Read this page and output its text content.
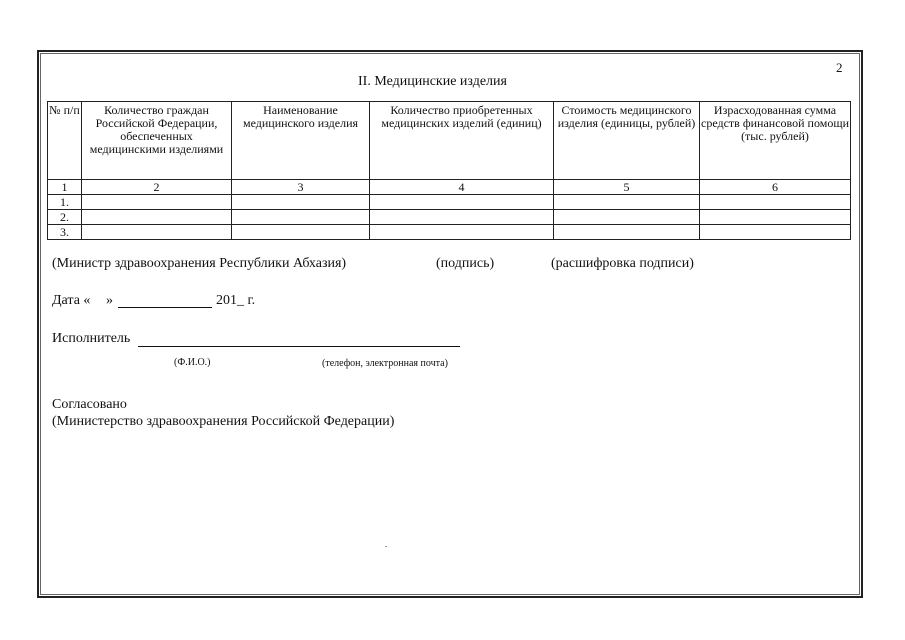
2
II. Медицинские изделия
№ п/п	Количество граждан Российской Федерации, обеспеченных медицинскими изделиями	Наименование медицинского изделия	Количество приобретенных медицинских изделий (единиц)	Стоимость медицинского изделия (единицы, рублей)	Израсходованная сумма средств финансовой помощи (тыс. рублей)
1	2	3	4	5	6
1.					
2.					
3.					
(Министр здравоохранения Республики Абхазия)	(подпись)	(расшифровка подписи)
Дата « »	201_ г.
Исполнитель
(Ф.И.О.)	(телефон, электронная почта)
Согласовано
(Министерство здравоохранения Российской Федерации)
